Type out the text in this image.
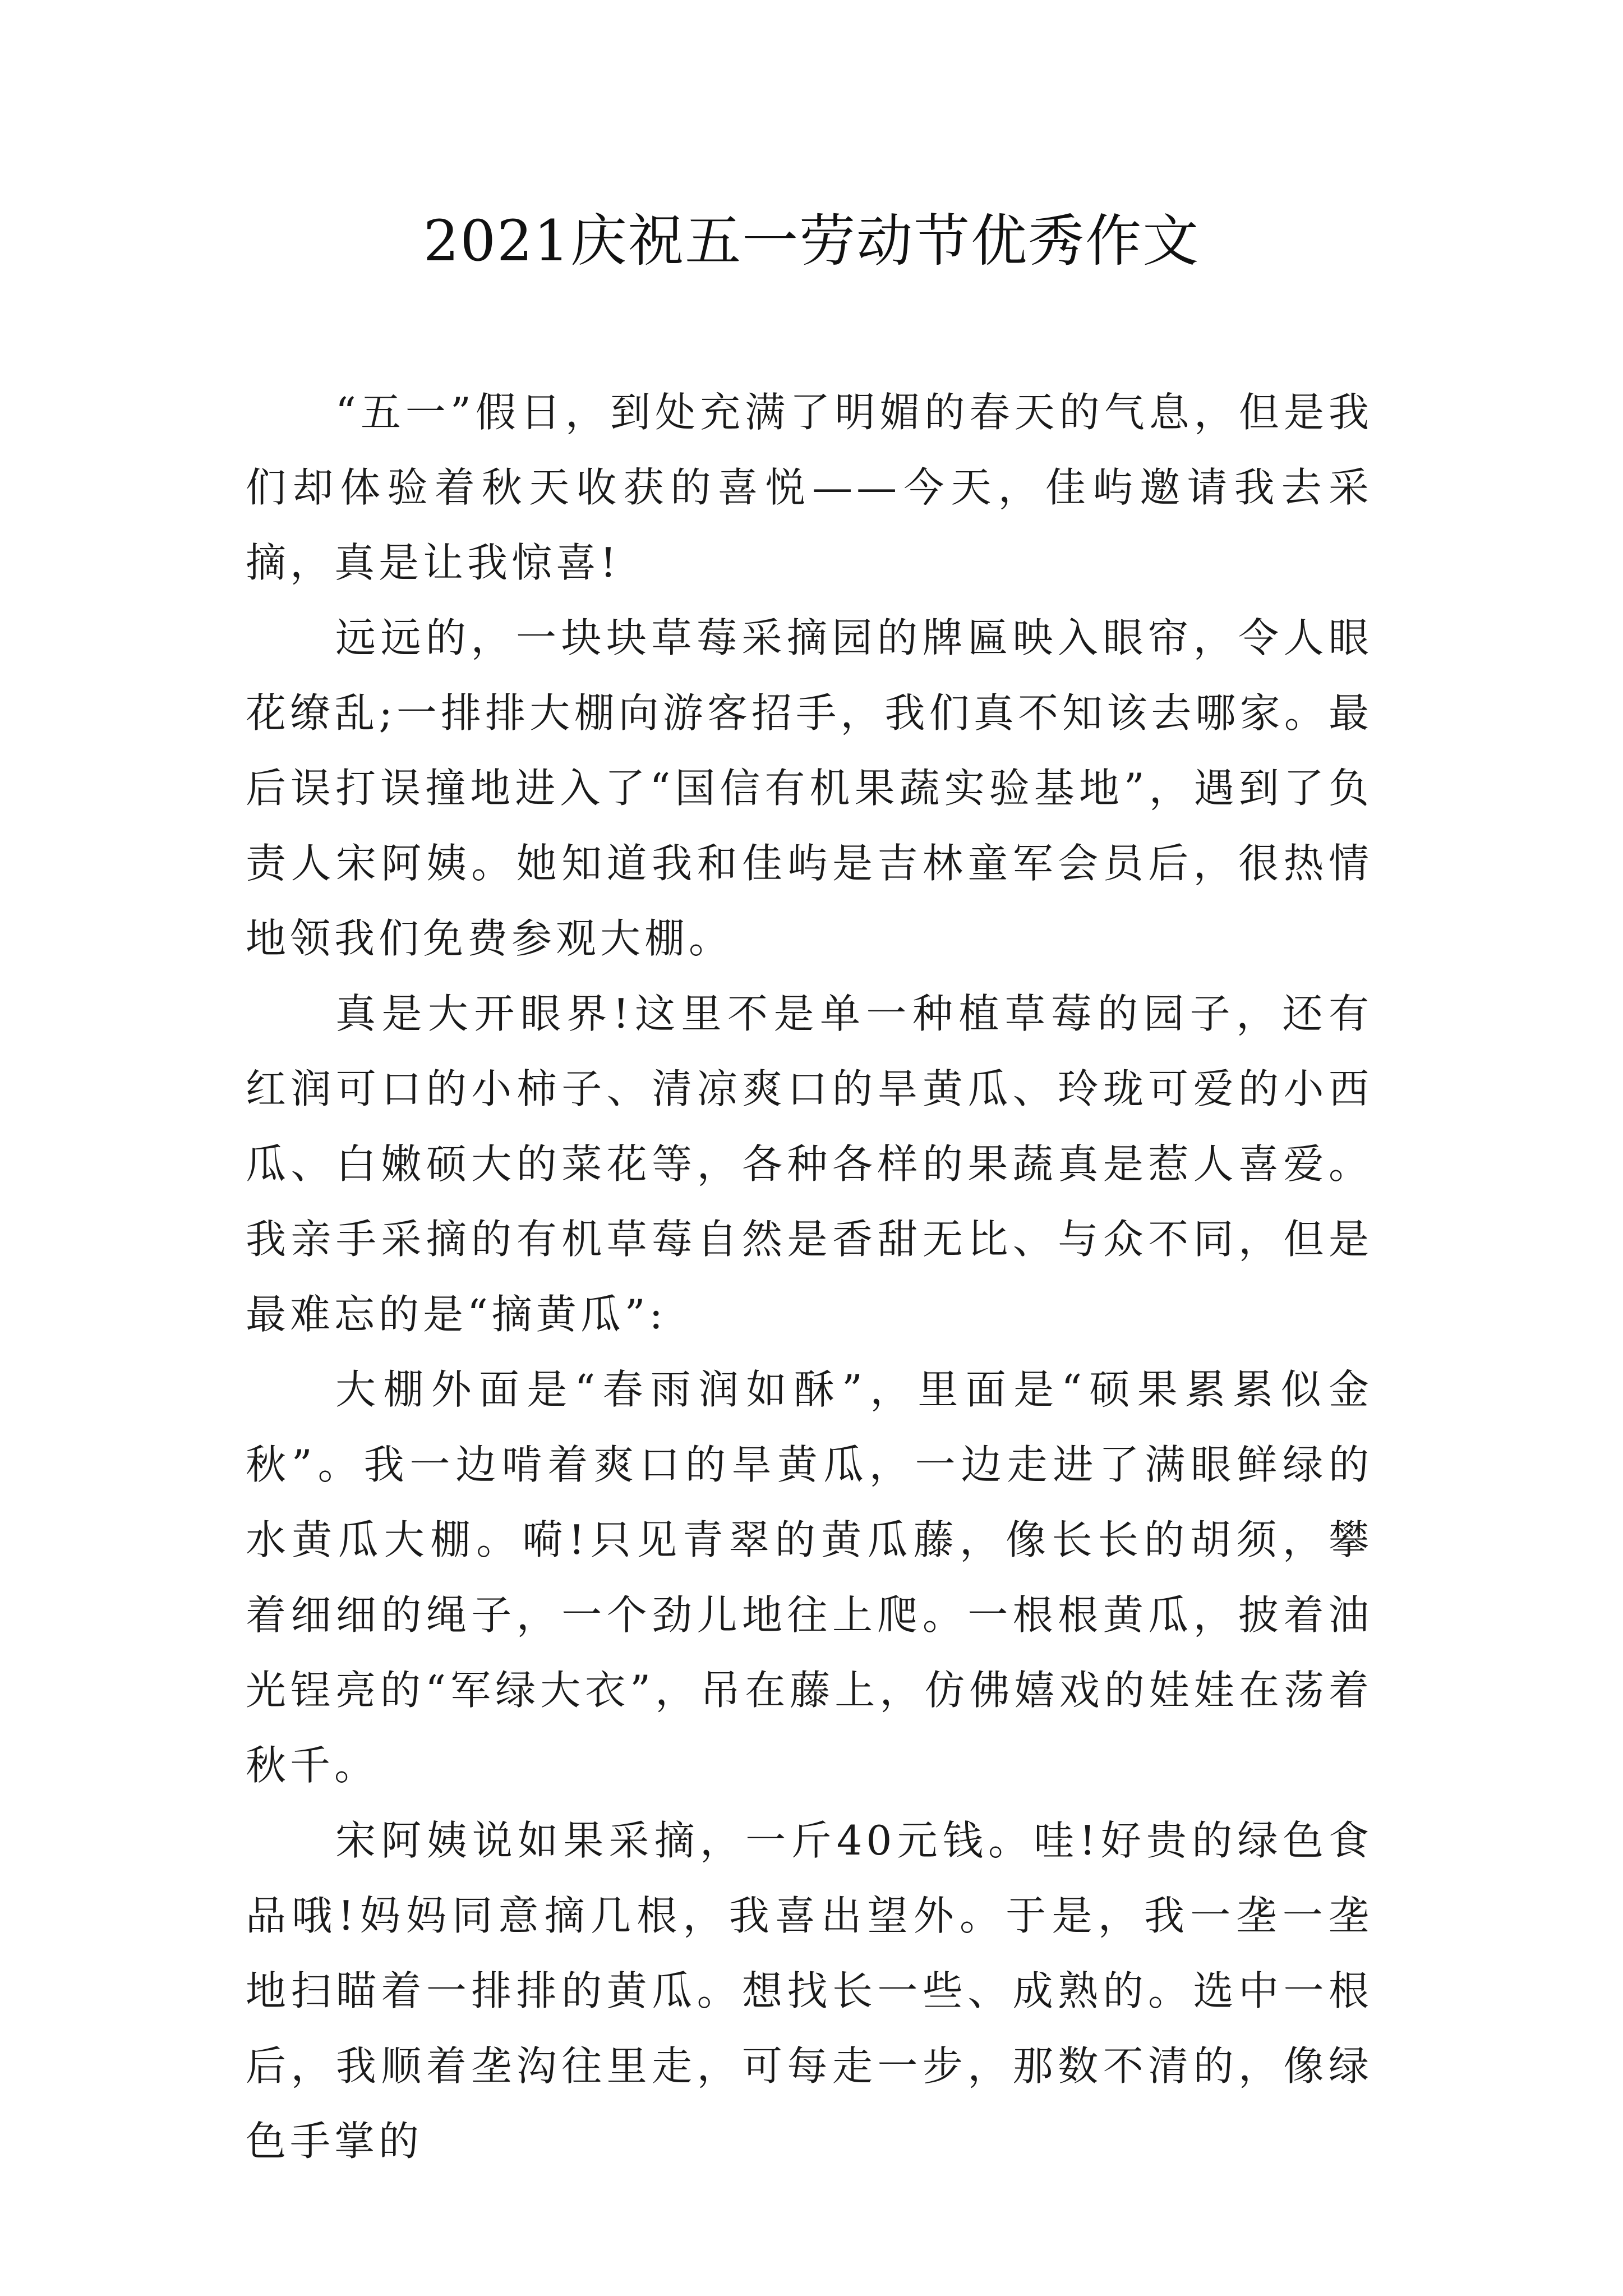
2021庆祝五一劳动节优秀作文

“五一”假日，到处充满了明媚的春天的气息，但是我们却体验着秋天收获的喜悦——今天，佳屿邀请我去采摘，真是让我惊喜!

远远的，一块块草莓采摘园的牌匾映入眼帘，令人眼花缭乱;一排排大棚向游客招手，我们真不知该去哪家。最后误打误撞地进入了“国信有机果蔬实验基地”，遇到了负责人宋阿姨。她知道我和佳屿是吉林童军会员后，很热情地领我们免费参观大棚。

真是大开眼界!这里不是单一种植草莓的园子，还有红润可口的小柿子、清凉爽口的旱黄瓜、玲珑可爱的小西瓜、白嫩硕大的菜花等，各种各样的果蔬真是惹人喜爱。我亲手采摘的有机草莓自然是香甜无比、与众不同，但是最难忘的是“摘黄瓜”:

大棚外面是“春雨润如酥”，里面是“硕果累累似金秋”。我一边啃着爽口的旱黄瓜，一边走进了满眼鲜绿的水黄瓜大棚。嗬!只见青翠的黄瓜藤，像长长的胡须，攀着细细的绳子，一个劲儿地往上爬。一根根黄瓜，披着油光锃亮的“军绿大衣”，吊在藤上，仿佛嬉戏的娃娃在荡着秋千。

宋阿姨说如果采摘，一斤40元钱。哇!好贵的绿色食品哦!妈妈同意摘几根，我喜出望外。于是，我一垄一垄地扫瞄着一排排的黄瓜。想找长一些、成熟的。选中一根后，我顺着垄沟往里走，可每走一步，那数不清的，像绿色手掌的
